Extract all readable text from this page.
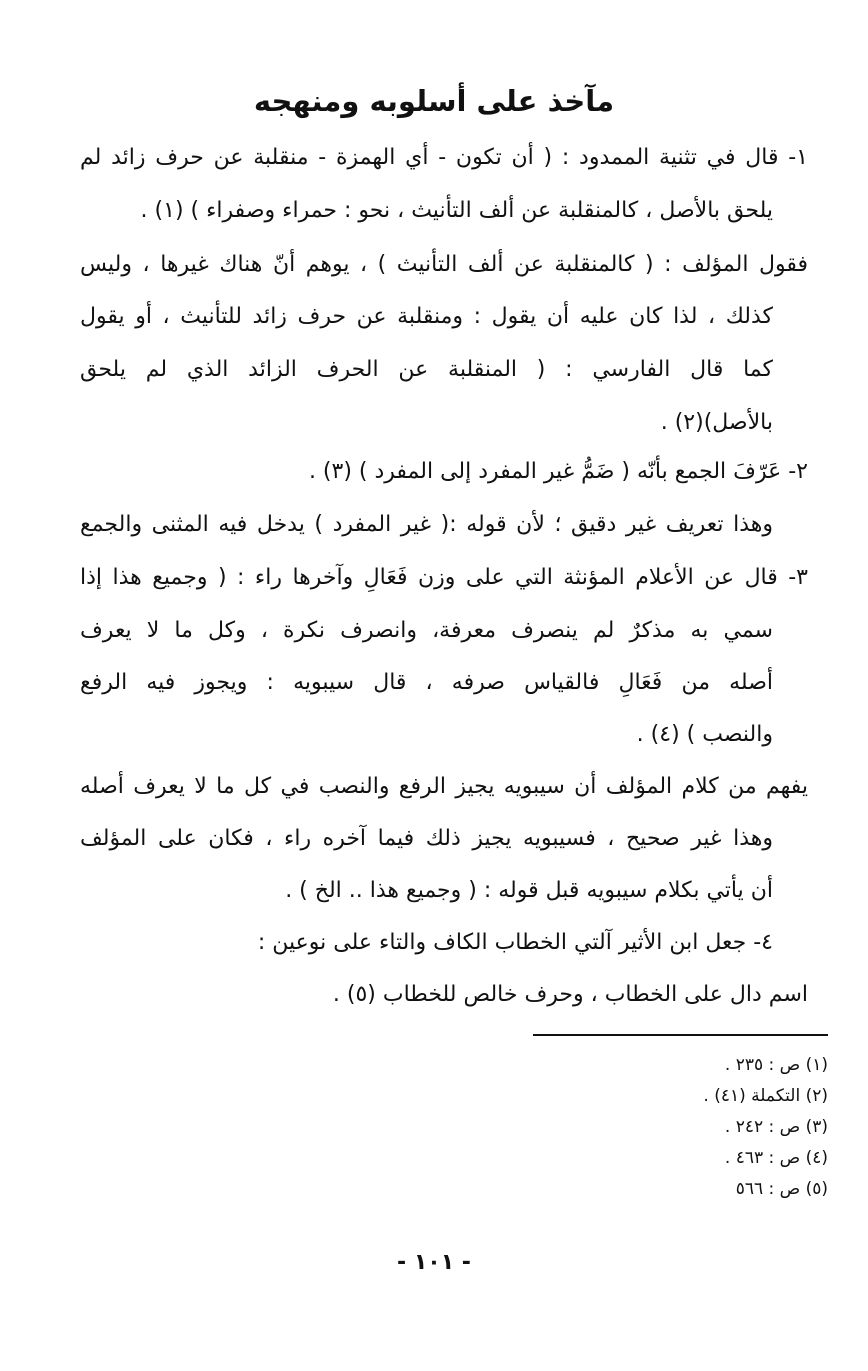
مآخذ على أسلوبه ومنهجه
١- قال في تثنية الممدود : ( أن تكون - أي الهمزة - منقلبة عن حرف زائد لم
يلحق بالأصل ، كالمنقلبة عن ألف التأنيث ، نحو : حمراء وصفراء ) (١) .
فقول المؤلف : ( كالمنقلبة عن ألف التأنيث ) ، يوهم أنّ هناك غيرها ، وليس
كذلك ، لذا كان عليه أن يقول : ومنقلبة عن حرف زائد للتأنيث ، أو يقول
كما قال الفارسي : ( المنقلبة عن الحرف الزائد الذي لم يلحق
بالأصل)(٢) .
٢- عَرّفَ الجمع بأنّه ( ضَمُّ غير المفرد إلى المفرد ) (٣) .
وهذا تعريف غير دقيق ؛ لأن قوله :( غير المفرد ) يدخل فيه المثنى والجمع
٣- قال عن الأعلام المؤنثة التي على وزن فَعَالِ وآخرها راء : ( وجميع هذا إذا
سمي به مذكرٌ لم ينصرف معرفة، وانصرف نكرة ، وكل ما لا يعرف
أصله من فَعَالِ فالقياس صرفه ، قال سيبويه : ويجوز فيه الرفع
والنصب ) (٤) .
يفهم من كلام المؤلف أن سيبويه يجيز الرفع والنصب في كل ما لا يعرف أصله
وهذا غير صحيح ، فسيبويه يجيز ذلك فيما آخره راء ، فكان على المؤلف
أن يأتي بكلام سيبويه قبل قوله : ( وجميع هذا .. الخ ) .
٤- جعل ابن الأثير آلتي الخطاب الكاف والتاء على نوعين :
اسم دال على الخطاب ، وحرف خالص للخطاب (٥) .
(١) ص : ٢٣٥ .
(٢) التكملة (٤١) .
(٣) ص : ٢٤٢ .
(٤) ص : ٤٦٣ .
(٥) ص : ٥٦٦
- ١٠١ -
